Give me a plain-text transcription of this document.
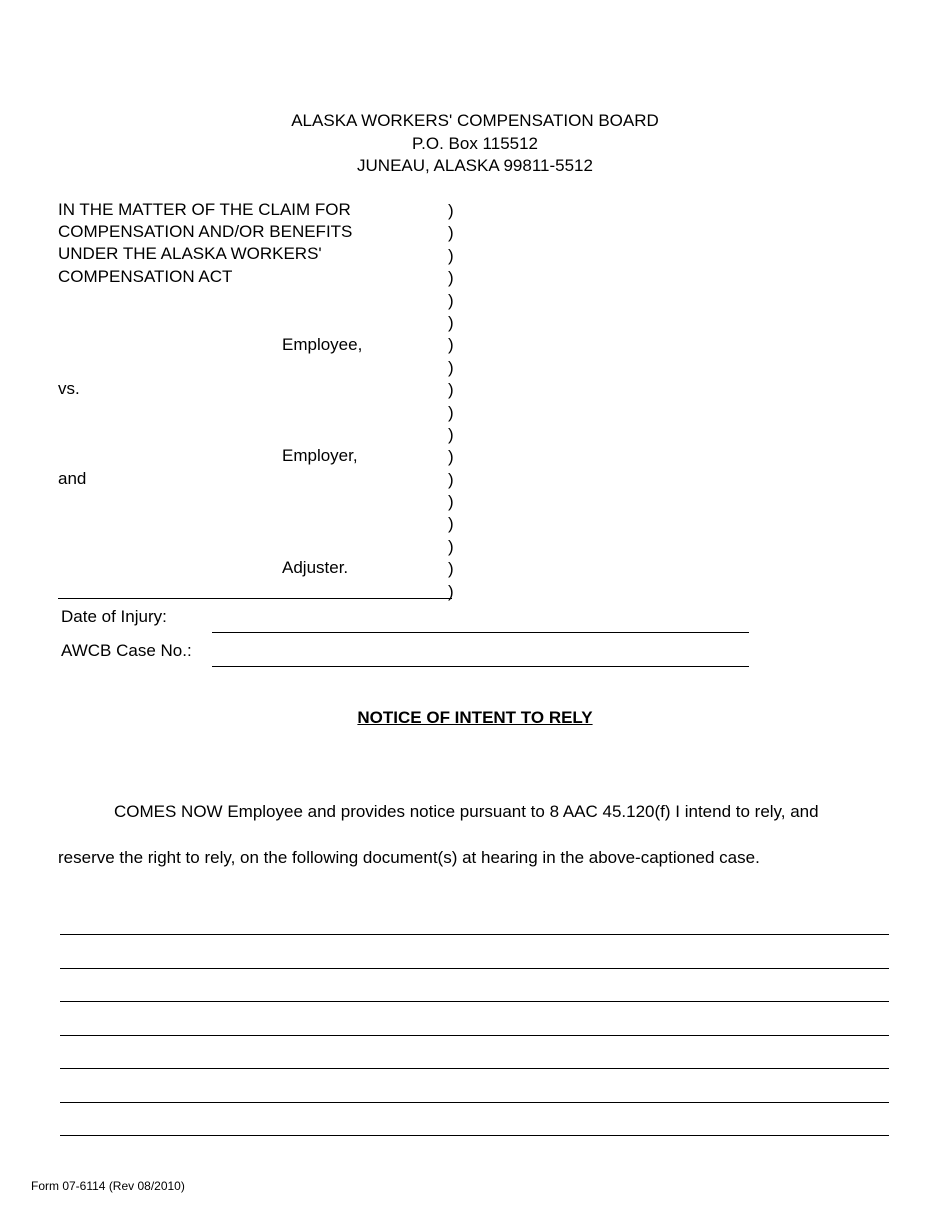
ALASKA WORKERS' COMPENSATION BOARD
P.O. Box 115512
JUNEAU, ALASKA 99811-5512
IN THE MATTER OF THE CLAIM FOR
COMPENSATION AND/OR BENEFITS
UNDER THE ALASKA WORKERS'
COMPENSATION ACT
Employee,
vs.
Employer,
and
Adjuster.
)
)
)
)
)
)
)
)
)
)
)
)
)
)
)
)
)
)
Date of Injury:
AWCB Case No.:
NOTICE OF INTENT TO RELY
COMES NOW Employee and provides notice pursuant to 8 AAC 45.120(f) I intend to rely, and
reserve the right to rely, on the following document(s) at hearing in the above-captioned case.
Form 07-6114 (Rev 08/2010)
